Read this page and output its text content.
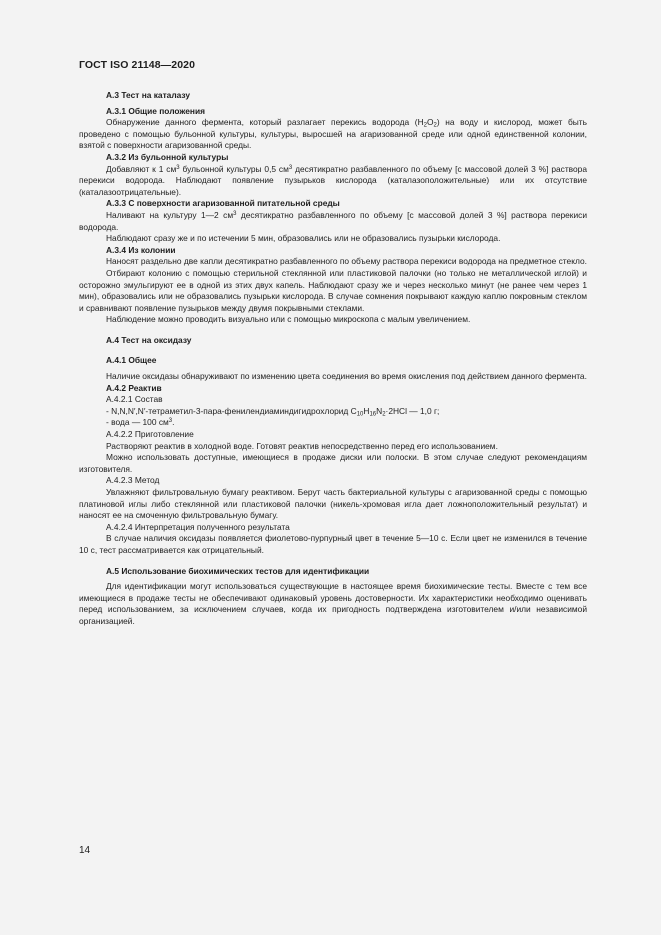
ГОСТ ISO 21148—2020

А.3 Тест на каталазу

А.3.1 Общие положения

Обнаружение данного фермента, который разлагает перекись водорода $(H_2O_2)$ на воду и кислород, может быть проведено с помощью бульонной культуры, культуры, выросшей на агаризованной среде или одной единственной колонии, взятой с поверхности агаризованной среды.

А.3.2 Из бульонной культуры

Добавляют к 1 $см^3$ бульонной культуры 0,5 $см^3$ десятикратно разбавленного по объему [с массовой долей 3 %] раствора перекиси водорода. Наблюдают появление пузырьков кислорода (каталазоположительные) или их отсутствие (каталазоотрицательные).

А.3.3 С поверхности агаризованной питательной среды

Наливают на культуру 1—2 $см^3$ десятикратно разбавленного по объему [с массовой долей 3 %] раствора перекиси водорода.

Наблюдают сразу же и по истечении 5 мин, образовались или не образовались пузырьки кислорода.

А.3.4 Из колонии

Наносят раздельно две капли десятикратно разбавленного по объему раствора перекиси водорода на предметное стекло.

Отбирают колонию с помощью стерильной стеклянной или пластиковой палочки (но только не металлической иглой) и осторожно эмульгируют ее в одной из этих двух капель. Наблюдают сразу же и через несколько минут (не ранее чем через 1 мин), образовались или не образовались пузырьки кислорода. В случае сомнения покрывают каждую каплю покровным стеклом и сравнивают появление пузырьков между двумя покрывными стеклами.

Наблюдение можно проводить визуально или с помощью микроскопа с малым увеличением.

А.4 Тест на оксидазу

А.4.1 Общее

Наличие оксидазы обнаруживают по изменению цвета соединения во время окисления под действием данного фермента.

А.4.2 Реактив

А.4.2.1 Состав

- N,N,N′,N′-тетраметил-3-пара-фенилендиаминдигидрохлорид $C_{10}H_{16}N_2\cdot 2HCl$ — 1,0 г;

- вода — 100 $см^3$.

А.4.2.2 Приготовление

Растворяют реактив в холодной воде. Готовят реактив непосредственно перед его использованием.

Можно использовать доступные, имеющиеся в продаже диски или полоски. В этом случае следуют рекомендациям изготовителя.

А.4.2.3 Метод

Увлажняют фильтровальную бумагу реактивом. Берут часть бактериальной культуры с агаризованной среды с помощью платиновой иглы либо стеклянной или пластиковой палочки (никель-хромовая игла дает ложноположительный результат) и наносят ее на смоченную фильтровальную бумагу.

А.4.2.4 Интерпретация полученного результата

В случае наличия оксидазы появляется фиолетово-пурпурный цвет в течение 5—10 с. Если цвет не изменился в течение 10 с, тест рассматривается как отрицательный.

А.5 Использование биохимических тестов для идентификации

Для идентификации могут использоваться существующие в настоящее время биохимические тесты. Вместе с тем все имеющиеся в продаже тесты не обеспечивают одинаковый уровень достоверности. Их характеристики необходимо оценивать перед использованием, за исключением случаев, когда их пригодность подтверждена изготовителем и/или независимой организацией.

14
